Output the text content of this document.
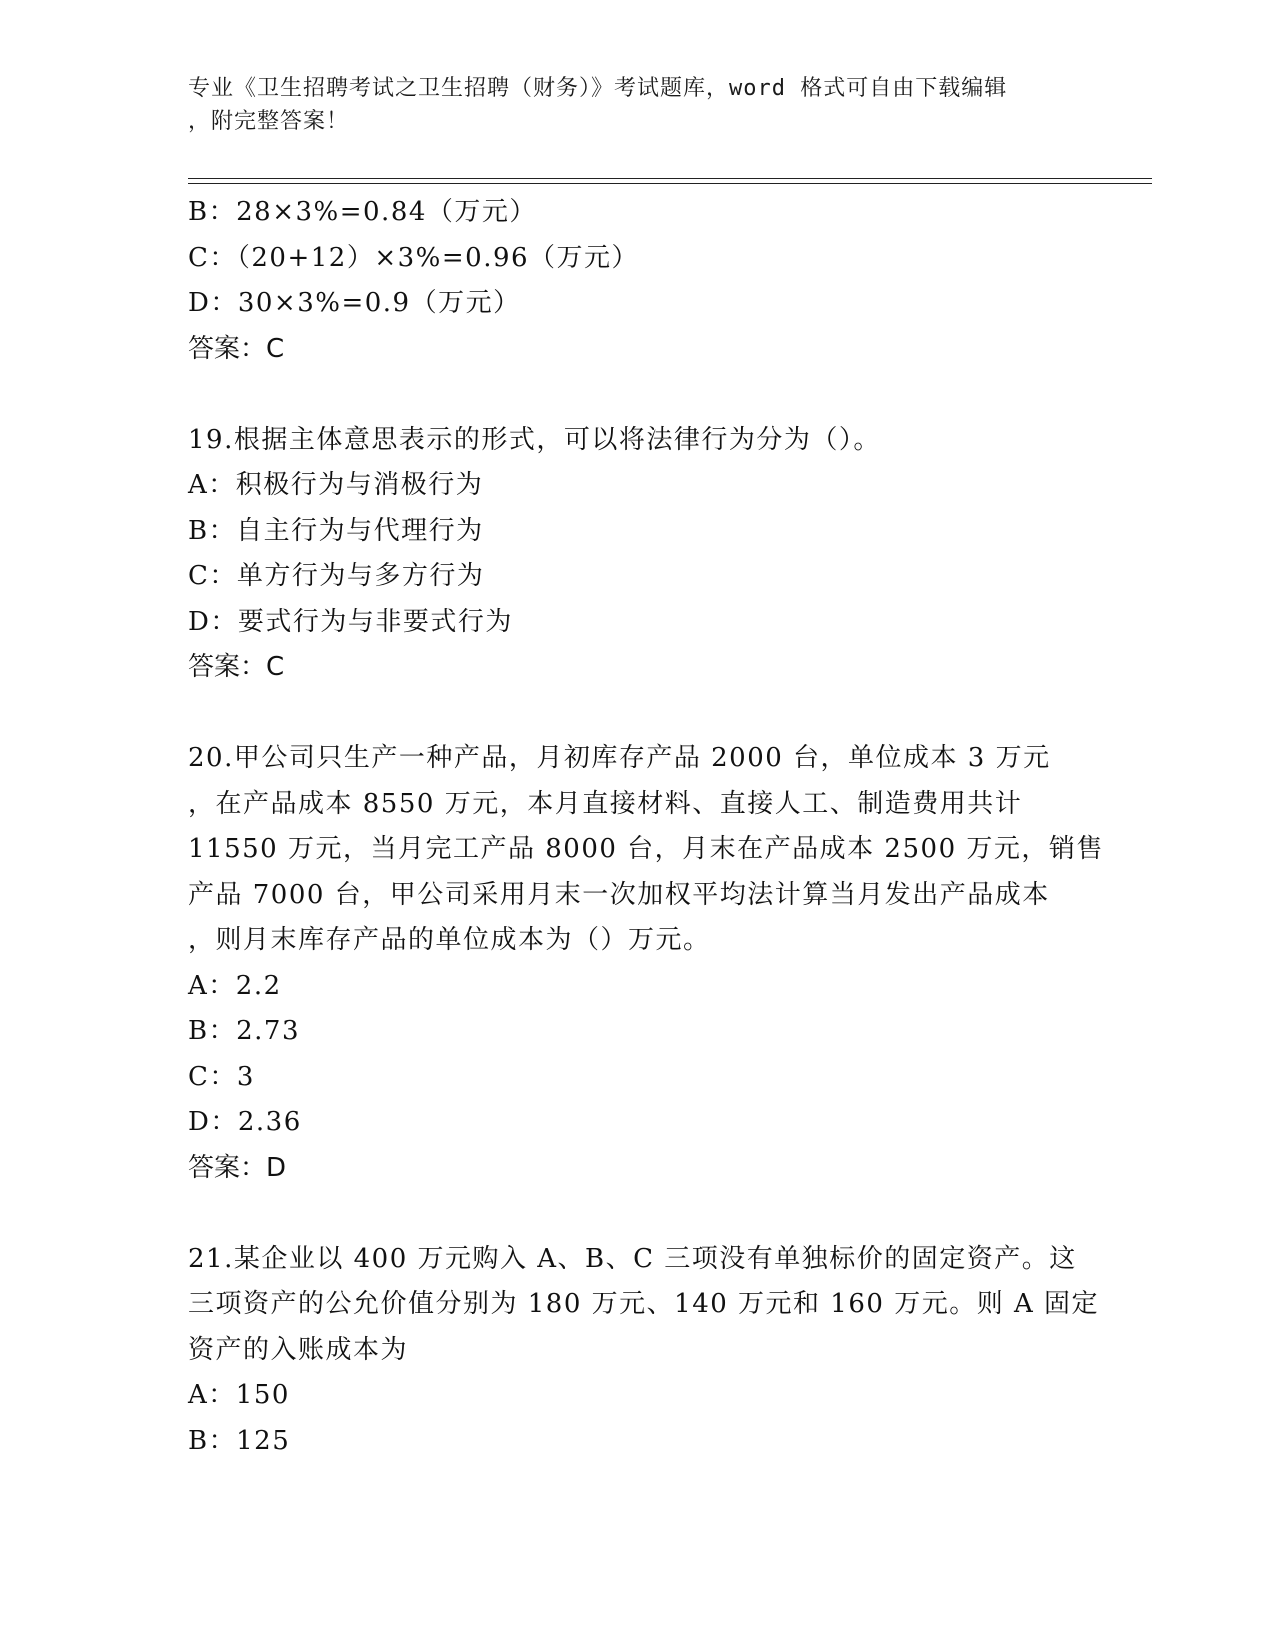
专业《卫生招聘考试之卫生招聘（财务）》考试题库，word 格式可自由下载编辑
，附完整答案！
B：28×3%=0.84（万元）
C：（20+12）×3%=0.96（万元）
D：30×3%=0.9（万元）
答案：C
19.根据主体意思表示的形式，可以将法律行为分为（）。
A：积极行为与消极行为
B：自主行为与代理行为
C：单方行为与多方行为
D：要式行为与非要式行为
答案：C
20.甲公司只生产一种产品，月初库存产品 2000 台，单位成本 3 万元
，在产品成本 8550 万元，本月直接材料、直接人工、制造费用共计
11550 万元，当月完工产品 8000 台，月末在产品成本 2500 万元，销售
产品 7000 台，甲公司采用月末一次加权平均法计算当月发出产品成本
，则月末库存产品的单位成本为（）万元。
A：2.2
B：2.73
C：3
D：2.36
答案：D
21.某企业以 400 万元购入 A、B、C 三项没有单独标价的固定资产。这
三项资产的公允价值分别为 180 万元、140 万元和 160 万元。则 A 固定
资产的入账成本为
A：150
B：125
